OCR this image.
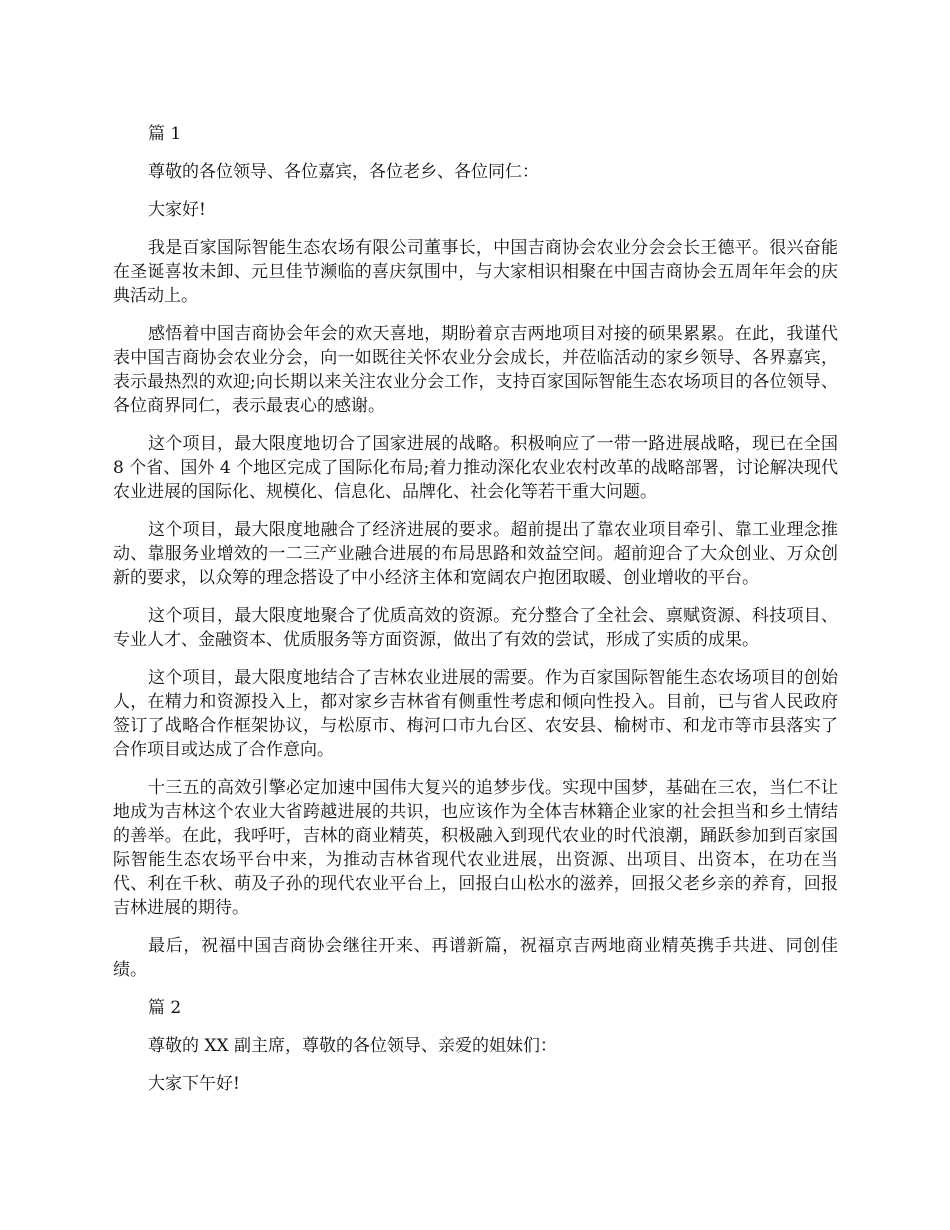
篇 1

尊敬的各位领导、各位嘉宾，各位老乡、各位同仁：

大家好!

我是百家国际智能生态农场有限公司董事长，中国吉商协会农业分会会长王德平。很兴奋能在圣诞喜妆未卸、元旦佳节濒临的喜庆氛围中，与大家相识相聚在中国吉商协会五周年年会的庆典活动上。

感悟着中国吉商协会年会的欢天喜地，期盼着京吉两地项目对接的硕果累累。在此，我谨代表中国吉商协会农业分会，向一如既往关怀农业分会成长，并莅临活动的家乡领导、各界嘉宾，表示最热烈的欢迎;向长期以来关注农业分会工作，支持百家国际智能生态农场项目的各位领导、各位商界同仁，表示最衷心的感谢。

这个项目，最大限度地切合了国家进展的战略。积极响应了一带一路进展战略，现已在全国 8 个省、国外 4 个地区完成了国际化布局;着力推动深化农业农村改革的战略部署，讨论解决现代农业进展的国际化、规模化、信息化、品牌化、社会化等若干重大问题。

这个项目，最大限度地融合了经济进展的要求。超前提出了靠农业项目牵引、靠工业理念推动、靠服务业增效的一二三产业融合进展的布局思路和效益空间。超前迎合了大众创业、万众创新的要求，以众筹的理念搭设了中小经济主体和宽阔农户抱团取暖、创业增收的平台。

这个项目，最大限度地聚合了优质高效的资源。充分整合了全社会、禀赋资源、科技项目、专业人才、金融资本、优质服务等方面资源，做出了有效的尝试，形成了实质的成果。

这个项目，最大限度地结合了吉林农业进展的需要。作为百家国际智能生态农场项目的创始人，在精力和资源投入上，都对家乡吉林省有侧重性考虑和倾向性投入。目前，已与省人民政府签订了战略合作框架协议，与松原市、梅河口市九台区、农安县、榆树市、和龙市等市县落实了合作项目或达成了合作意向。

十三五的高效引擎必定加速中国伟大复兴的追梦步伐。实现中国梦，基础在三农，当仁不让地成为吉林这个农业大省跨越进展的共识，也应该作为全体吉林籍企业家的社会担当和乡土情结的善举。在此，我呼吁，吉林的商业精英，积极融入到现代农业的时代浪潮，踊跃参加到百家国际智能生态农场平台中来，为推动吉林省现代农业进展，出资源、出项目、出资本，在功在当代、利在千秋、萌及子孙的现代农业平台上，回报白山松水的滋养，回报父老乡亲的养育，回报吉林进展的期待。

最后，祝福中国吉商协会继往开来、再谱新篇，祝福京吉两地商业精英携手共进、同创佳绩。

篇 2

尊敬的 XX 副主席，尊敬的各位领导、亲爱的姐妹们：

大家下午好!
